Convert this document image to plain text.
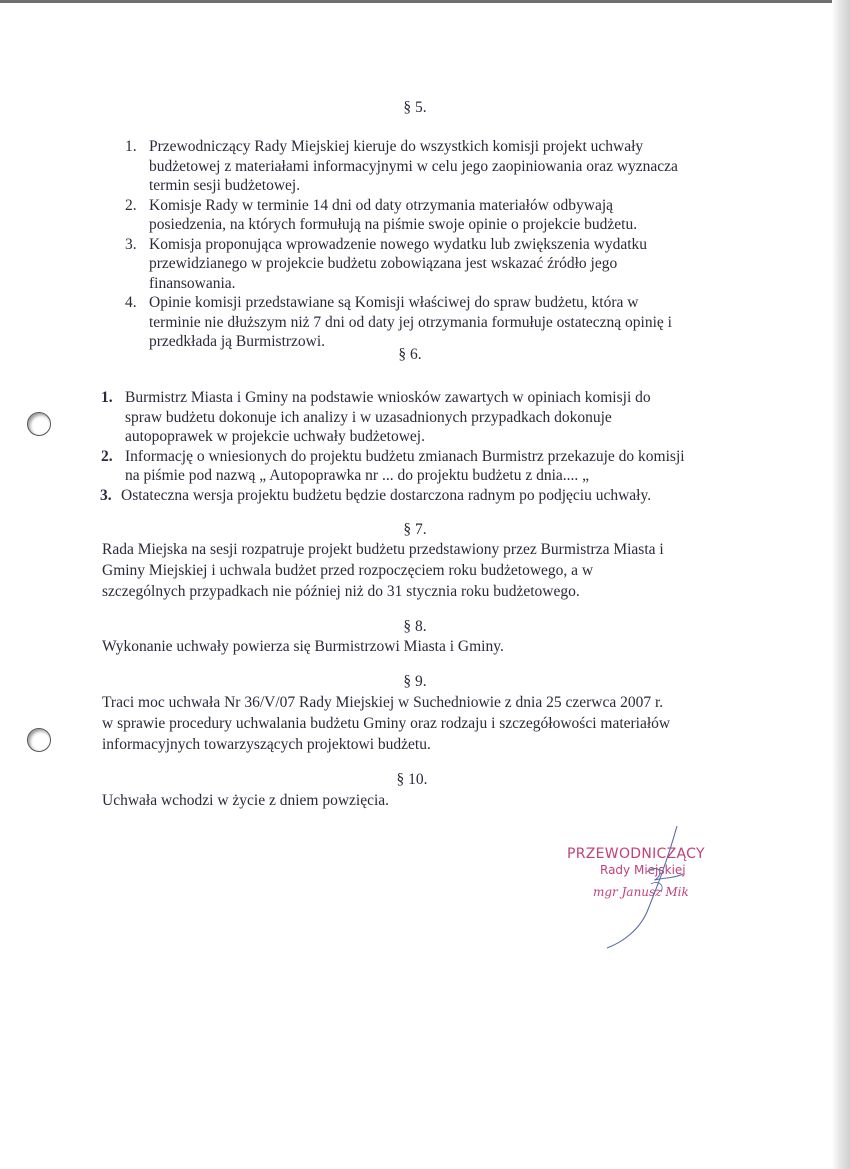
§ 5.
1. Przewodniczący Rady Miejskiej kieruje do wszystkich komisji projekt uchwały
budżetowej z materiałami informacyjnymi w celu jego zaopiniowania oraz wyznacza
termin sesji budżetowej.
2. Komisje Rady w terminie 14 dni od daty otrzymania materiałów odbywają
posiedzenia, na których formułują na piśmie swoje opinie o projekcie budżetu.
3. Komisja proponująca wprowadzenie nowego wydatku lub zwiększenia wydatku
przewidzianego w projekcie budżetu zobowiązana jest wskazać źródło jego
finansowania.
4. Opinie komisji przedstawiane są Komisji właściwej do spraw budżetu, która w
terminie nie dłuższym niż 7 dni od daty jej otrzymania formułuje ostateczną opinię i
przedkłada ją Burmistrzowi.
§ 6.
1. Burmistrz Miasta i Gminy na podstawie wniosków zawartych w opiniach komisji do
spraw budżetu dokonuje ich analizy i w uzasadnionych przypadkach dokonuje
autopoprawek w projekcie uchwały budżetowej.
2. Informację o wniesionych do projektu budżetu zmianach Burmistrz przekazuje do komisji
na piśmie pod nazwą „ Autopoprawka nr ... do projektu budżetu z dnia.... „
3. Ostateczna wersja projektu budżetu będzie dostarczona radnym po podjęciu uchwały.
§ 7.
Rada Miejska na sesji rozpatruje projekt budżetu przedstawiony przez Burmistrza Miasta i
Gminy Miejskiej i uchwala budżet przed rozpoczęciem roku budżetowego, a w
szczególnych przypadkach nie później niż do 31 stycznia roku budżetowego.
§ 8.
Wykonanie uchwały powierza się Burmistrzowi Miasta i Gminy.
§ 9.
Traci moc uchwała Nr 36/V/07 Rady Miejskiej w Suchedniowie z dnia 25 czerwca 2007 r.
w sprawie procedury uchwalania budżetu Gminy oraz rodzaju i szczegółowości materiałów
informacyjnych towarzyszących projektowi budżetu.
§ 10.
Uchwała wchodzi w życie z dniem powzięcia.
PRZEWODNICZĄCY
Rady Miejskiej
mgr Janusz Mik
